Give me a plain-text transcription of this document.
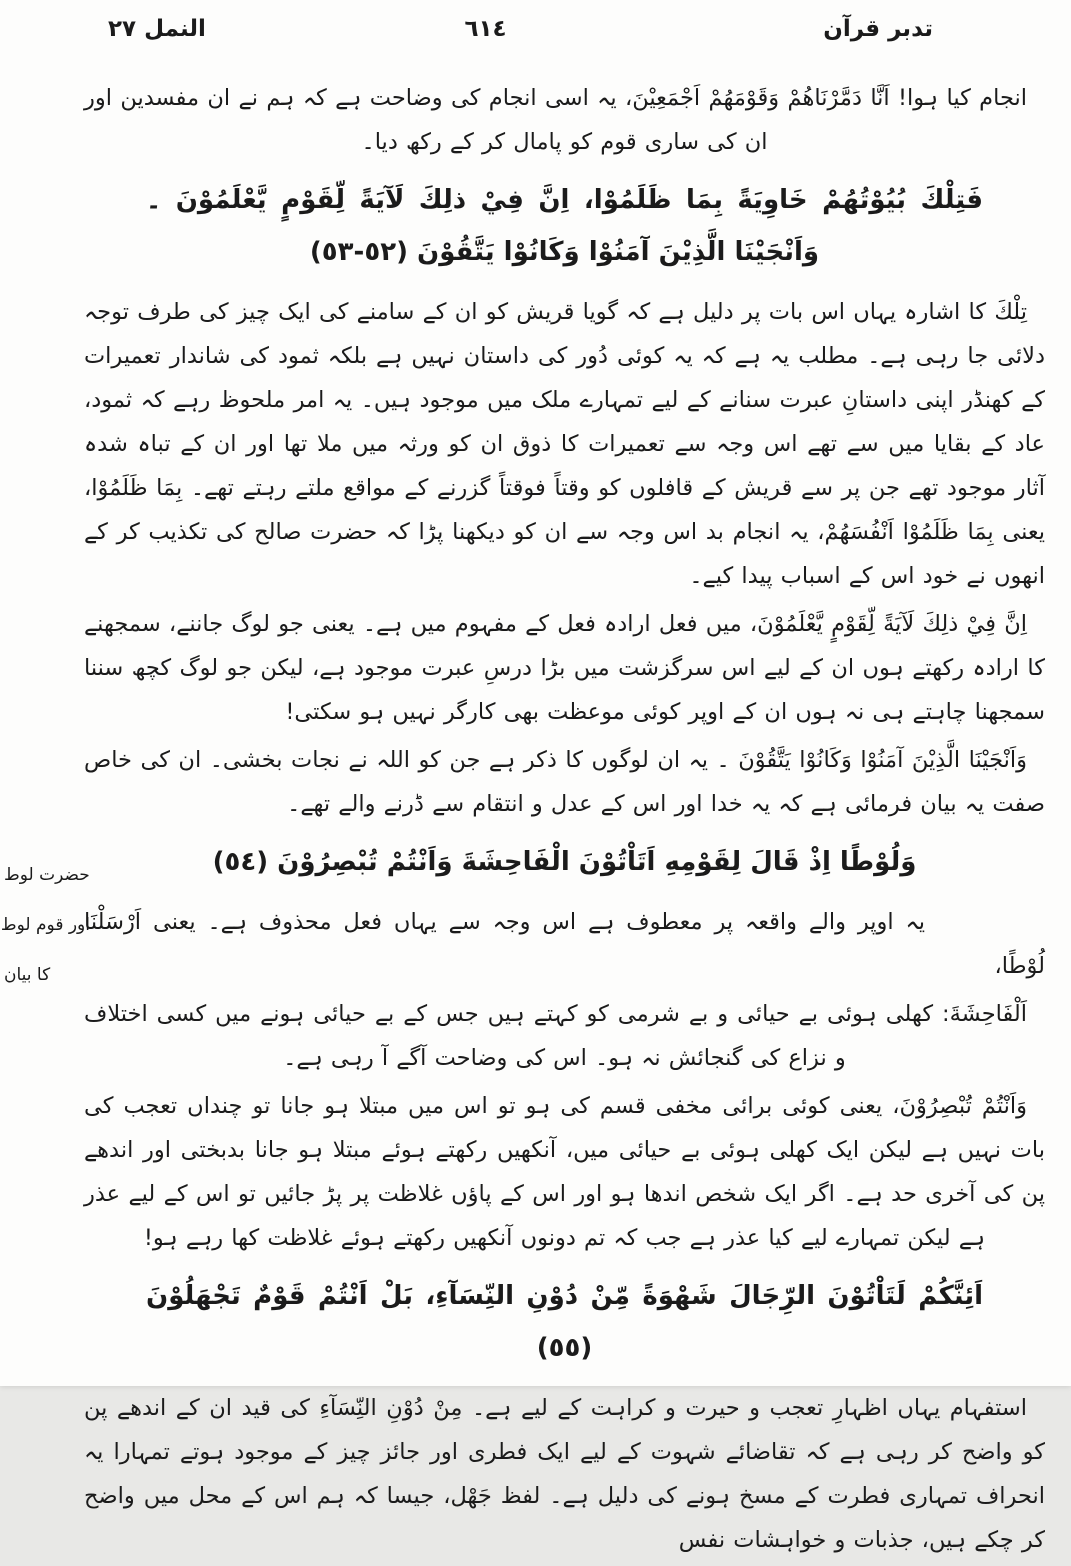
تدبر قرآن
٦١٤
النمل ٢٧
حضرت لوط
اور قوم لوط
کا بیان

انجام کیا ہوا! اَنَّا دَمَّرْنَاهُمْ وَقَوْمَهُمْ اَجْمَعِيْنَ، یہ اسی انجام کی وضاحت ہے کہ ہم نے ان مفسدین اور ان کی ساری قوم کو پامال کر کے رکھ دیا۔

فَتِلْكَ بُيُوْتُهُمْ خَاوِيَةً بِمَا ظَلَمُوْا، اِنَّ فِيْ ذلِكَ لَآيَةً لِّقَوْمٍ يَّعْلَمُوْنَ ۔ وَاَنْجَيْنَا الَّذِيْنَ آمَنُوْا وَكَانُوْا يَتَّقُوْنَ (٥٢-٥٣)

تِلْكَ کا اشارہ یہاں اس بات پر دلیل ہے کہ گویا قریش کو ان کے سامنے کی ایک چیز کی طرف توجہ دلائی جا رہی ہے۔ مطلب یہ ہے کہ یہ کوئی دُور کی داستان نہیں ہے بلکہ ثمود کی شاندار تعمیرات کے کھنڈر اپنی داستانِ عبرت سنانے کے لیے تمہارے ملک میں موجود ہیں۔ یہ امر ملحوظ رہے کہ ثمود، عاد کے بقایا میں سے تھے اس وجہ سے تعمیرات کا ذوق ان کو ورثہ میں ملا تھا اور ان کے تباہ شدہ آثار موجود تھے جن پر سے قریش کے قافلوں کو وقتاً فوقتاً گزرنے کے مواقع ملتے رہتے تھے۔ بِمَا ظَلَمُوْا، یعنی بِمَا ظَلَمُوْا اَنْفُسَهُمْ، یہ انجام بد اس وجہ سے ان کو دیکھنا پڑا کہ حضرت صالح کی تکذیب کر کے انھوں نے خود اس کے اسباب پیدا کیے۔

اِنَّ فِيْ ذلِكَ لَآيَةً لِّقَوْمٍ يَّعْلَمُوْنَ، میں فعل ارادہ فعل کے مفہوم میں ہے۔ یعنی جو لوگ جاننے، سمجھنے کا ارادہ رکھتے ہوں ان کے لیے اس سرگزشت میں بڑا درسِ عبرت موجود ہے، لیکن جو لوگ کچھ سننا سمجھنا چاہتے ہی نہ ہوں ان کے اوپر کوئی موعظت بھی کارگر نہیں ہو سکتی!

وَاَنْجَيْنَا الَّذِيْنَ آمَنُوْا وَكَانُوْا يَتَّقُوْنَ ۔ یہ ان لوگوں کا ذکر ہے جن کو اللہ نے نجات بخشی۔ ان کی خاص صفت یہ بیان فرمائی ہے کہ یہ خدا اور اس کے عدل و انتقام سے ڈرنے والے تھے۔

وَلُوْطًا اِذْ قَالَ لِقَوْمِهِ اَتَاْتُوْنَ الْفَاحِشَةَ وَاَنْتُمْ تُبْصِرُوْنَ (٥٤)

یہ اوپر والے واقعہ پر معطوف ہے اس وجہ سے یہاں فعل محذوف ہے۔ یعنی اَرْسَلْنَا لُوْطًا،

اَلْفَاحِشَةَ: کھلی ہوئی بے حیائی و بے شرمی کو کہتے ہیں جس کے بے حیائی ہونے میں کسی اختلاف و نزاع کی گنجائش نہ ہو۔ اس کی وضاحت آگے آ رہی ہے۔

وَاَنْتُمْ تُبْصِرُوْنَ، یعنی کوئی برائی مخفی قسم کی ہو تو اس میں مبتلا ہو جانا تو چنداں تعجب کی بات نہیں ہے لیکن ایک کھلی ہوئی بے حیائی میں، آنکھیں رکھتے ہوئے مبتلا ہو جانا بدبختی اور اندھے پن کی آخری حد ہے۔ اگر ایک شخص اندھا ہو اور اس کے پاؤں غلاظت پر پڑ جائیں تو اس کے لیے عذر ہے لیکن تمہارے لیے کیا عذر ہے جب کہ تم دونوں آنکھیں رکھتے ہوئے غلاظت کھا رہے ہو!

اَئِنَّكُمْ لَتَاْتُوْنَ الرِّجَالَ شَهْوَةً مِّنْ دُوْنِ النِّسَآءِ، بَلْ اَنْتُمْ قَوْمٌ تَجْهَلُوْنَ (٥٥)

استفہام یہاں اظہارِ تعجب و حیرت و کراہت کے لیے ہے۔ مِنْ دُوْنِ النِّسَآءِ کی قید ان کے اندھے پن کو واضح کر رہی ہے کہ تقاضائے شہوت کے لیے ایک فطری اور جائز چیز کے موجود ہوتے تمہارا یہ انحراف تمہاری فطرت کے مسخ ہونے کی دلیل ہے۔ لفظ جَهْل، جیسا کہ ہم اس کے محل میں واضح کر چکے ہیں، جذبات و خواہشات نفس
